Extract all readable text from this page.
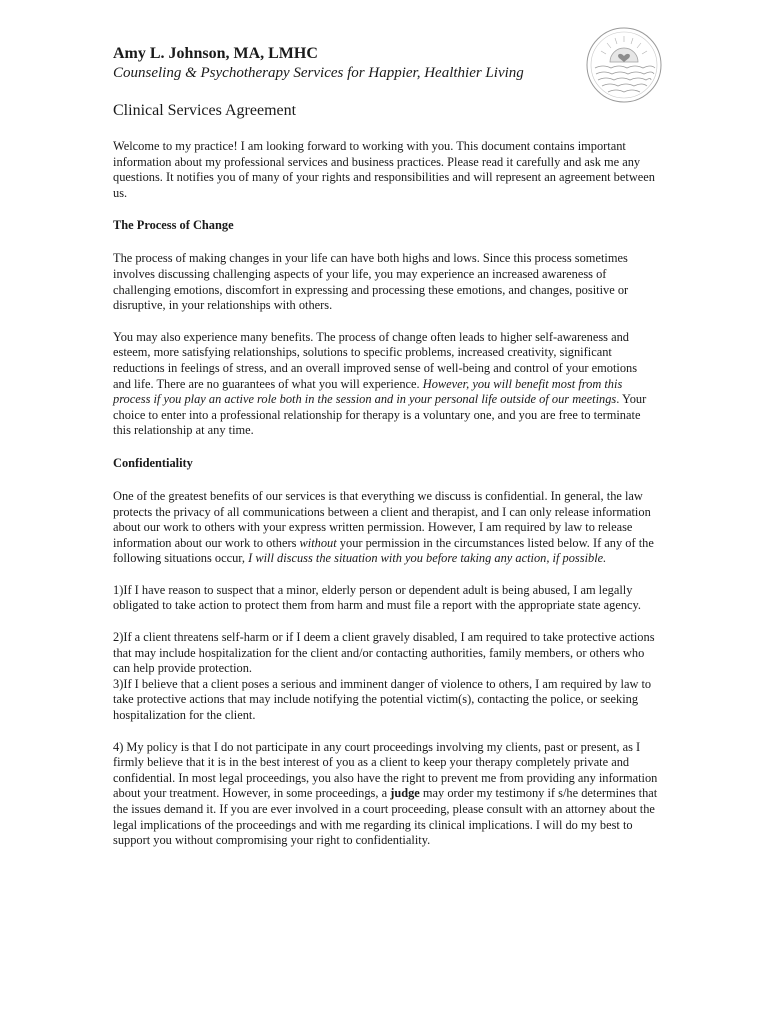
Amy L. Johnson, MA, LMHC

Counseling & Psychotherapy Services for Happier, Healthier Living

Clinical Services Agreement

Welcome to my practice! I am looking forward to working with you. This document contains important information about my professional services and business practices. Please read it carefully and ask me any questions. It notifies you of many of your rights and responsibilities and will represent an agreement between us.

The Process of Change

The process of making changes in your life can have both highs and lows. Since this process sometimes involves discussing challenging aspects of your life, you may experience an increased awareness of challenging emotions, discomfort in expressing and processing these emotions, and changes, positive or disruptive, in your relationships with others.

You may also experience many benefits. The process of change often leads to higher self-awareness and esteem, more satisfying relationships, solutions to specific problems, increased creativity, significant reductions in feelings of stress, and an overall improved sense of well-being and control of your emotions and life. There are no guarantees of what you will experience. However, you will benefit most from this process if you play an active role both in the session and in your personal life outside of our meetings. Your choice to enter into a professional relationship for therapy is a voluntary one, and you are free to terminate this relationship at any time.

Confidentiality

One of the greatest benefits of our services is that everything we discuss is confidential. In general, the law protects the privacy of all communications between a client and therapist, and I can only release information about our work to others with your express written permission. However, I am required by law to release information about our work to others without your permission in the circumstances listed below. If any of the following situations occur, I will discuss the situation with you before taking any action, if possible.

1)If I have reason to suspect that a minor, elderly person or dependent adult is being abused, I am legally obligated to take action to protect them from harm and must file a report with the appropriate state agency.

2)If a client threatens self-harm or if I deem a client gravely disabled, I am required to take protective actions that may include hospitalization for the client and/or contacting authorities, family members, or others who can help provide protection.

3)If I believe that a client poses a serious and imminent danger of violence to others, I am required by law to take protective actions that may include notifying the potential victim(s), contacting the police, or seeking hospitalization for the client.

4) My policy is that I do not participate in any court proceedings involving my clients, past or present, as I firmly believe that it is in the best interest of you as a client to keep your therapy completely private and confidential. In most legal proceedings, you also have the right to prevent me from providing any information about your treatment. However, in some proceedings, a judge may order my testimony if s/he determines that the issues demand it. If you are ever involved in a court proceeding, please consult with an attorney about the legal implications of the proceedings and with me regarding its clinical implications. I will do my best to support you without compromising your right to confidentiality.
